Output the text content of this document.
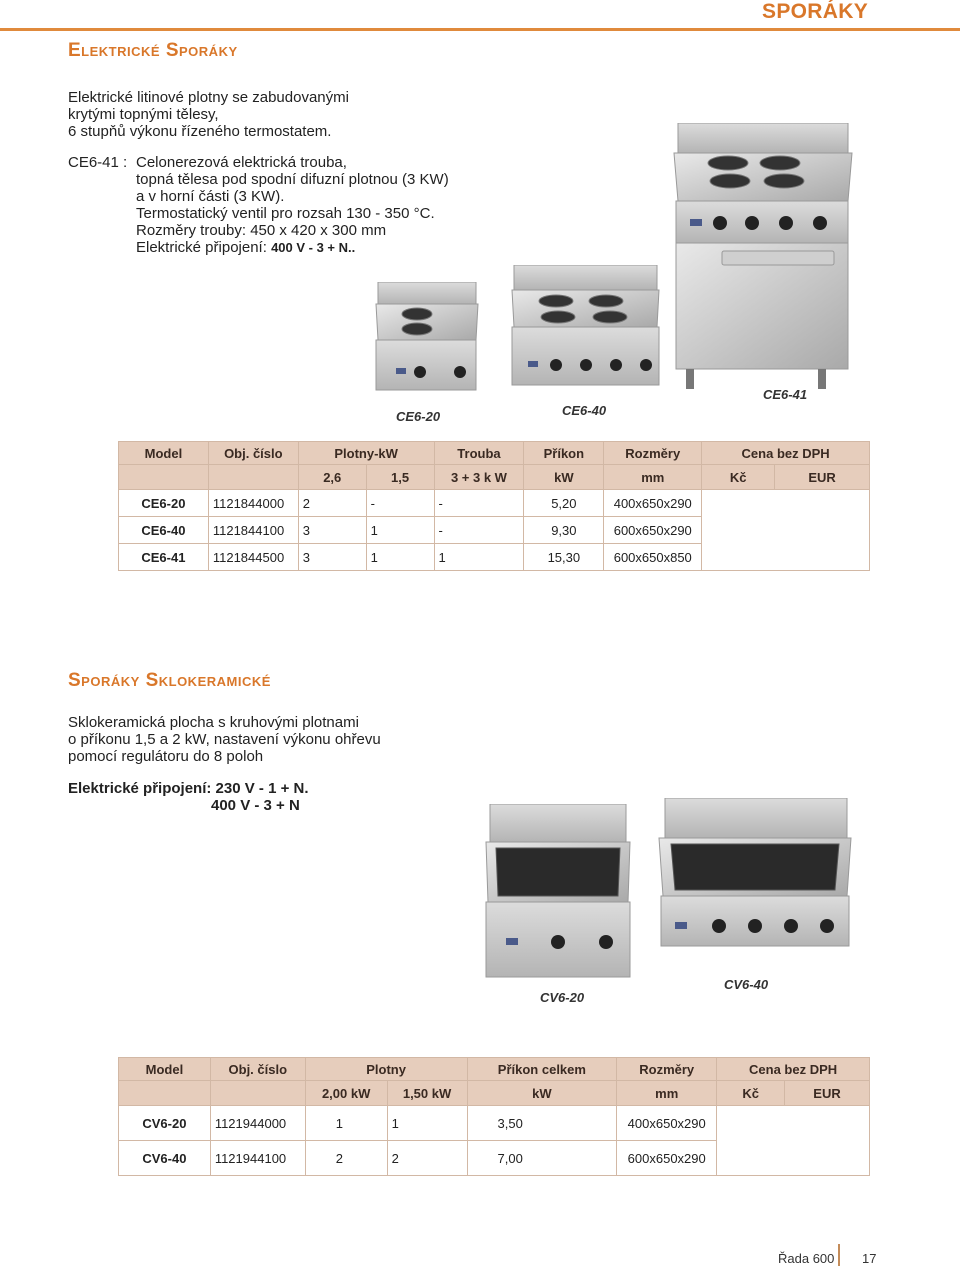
SPORÁKY
Elektrické Sporáky
Elektrické litinové plotny se zabudovanými
krytými topnými tělesy,
6 stupňů výkonu řízeného termostatem.
CE6-41 : Celonerezová elektrická trouba,
topná tělesa pod spodní difuzní plotnou (3 KW)
a v horní části (3 KW).
Termostatický ventil pro rozsah 130 - 350 °C.
Rozměry trouby: 450 x 420 x 300 mm
Elektrické připojení: 400 V - 3 + N..
CE6-20	CE6-40
CE6-41
Model	Obj. číslo	Plotny-kW		Trouba	Příkon	Rozměry	Cena bez DPH	
		2,6	1,5	3 + 3 k W	kW	mm	Kč	EUR
CE6-20	1121844000	2	-	-	5,20	400x650x290		
CE6-40	1121844100	3	1	-	9,30	600x650x290		
CE6-41	1121844500	3	1	1	15,30	600x650x850		
Sporáky Sklokeramické
Sklokeramická plocha s kruhovými plotnami
o příkonu 1,5 a 2 kW, nastavení výkonu ohřevu
pomocí regulátoru do 8 poloh
Elektrické připojení: 230 V - 1 + N.
400 V - 3 + N
CV6-20
CV6-40
Model	Obj. číslo	Plotny		Příkon celkem	Rozměry	Cena bez DPH	
		2,00 kW	1,50 kW	kW	mm	Kč	EUR
CV6-20	1121944000	1	1	3,50	400x650x290		
CV6-40	1121944100	2	2	7,00	600x650x290		
Řada 600 17
